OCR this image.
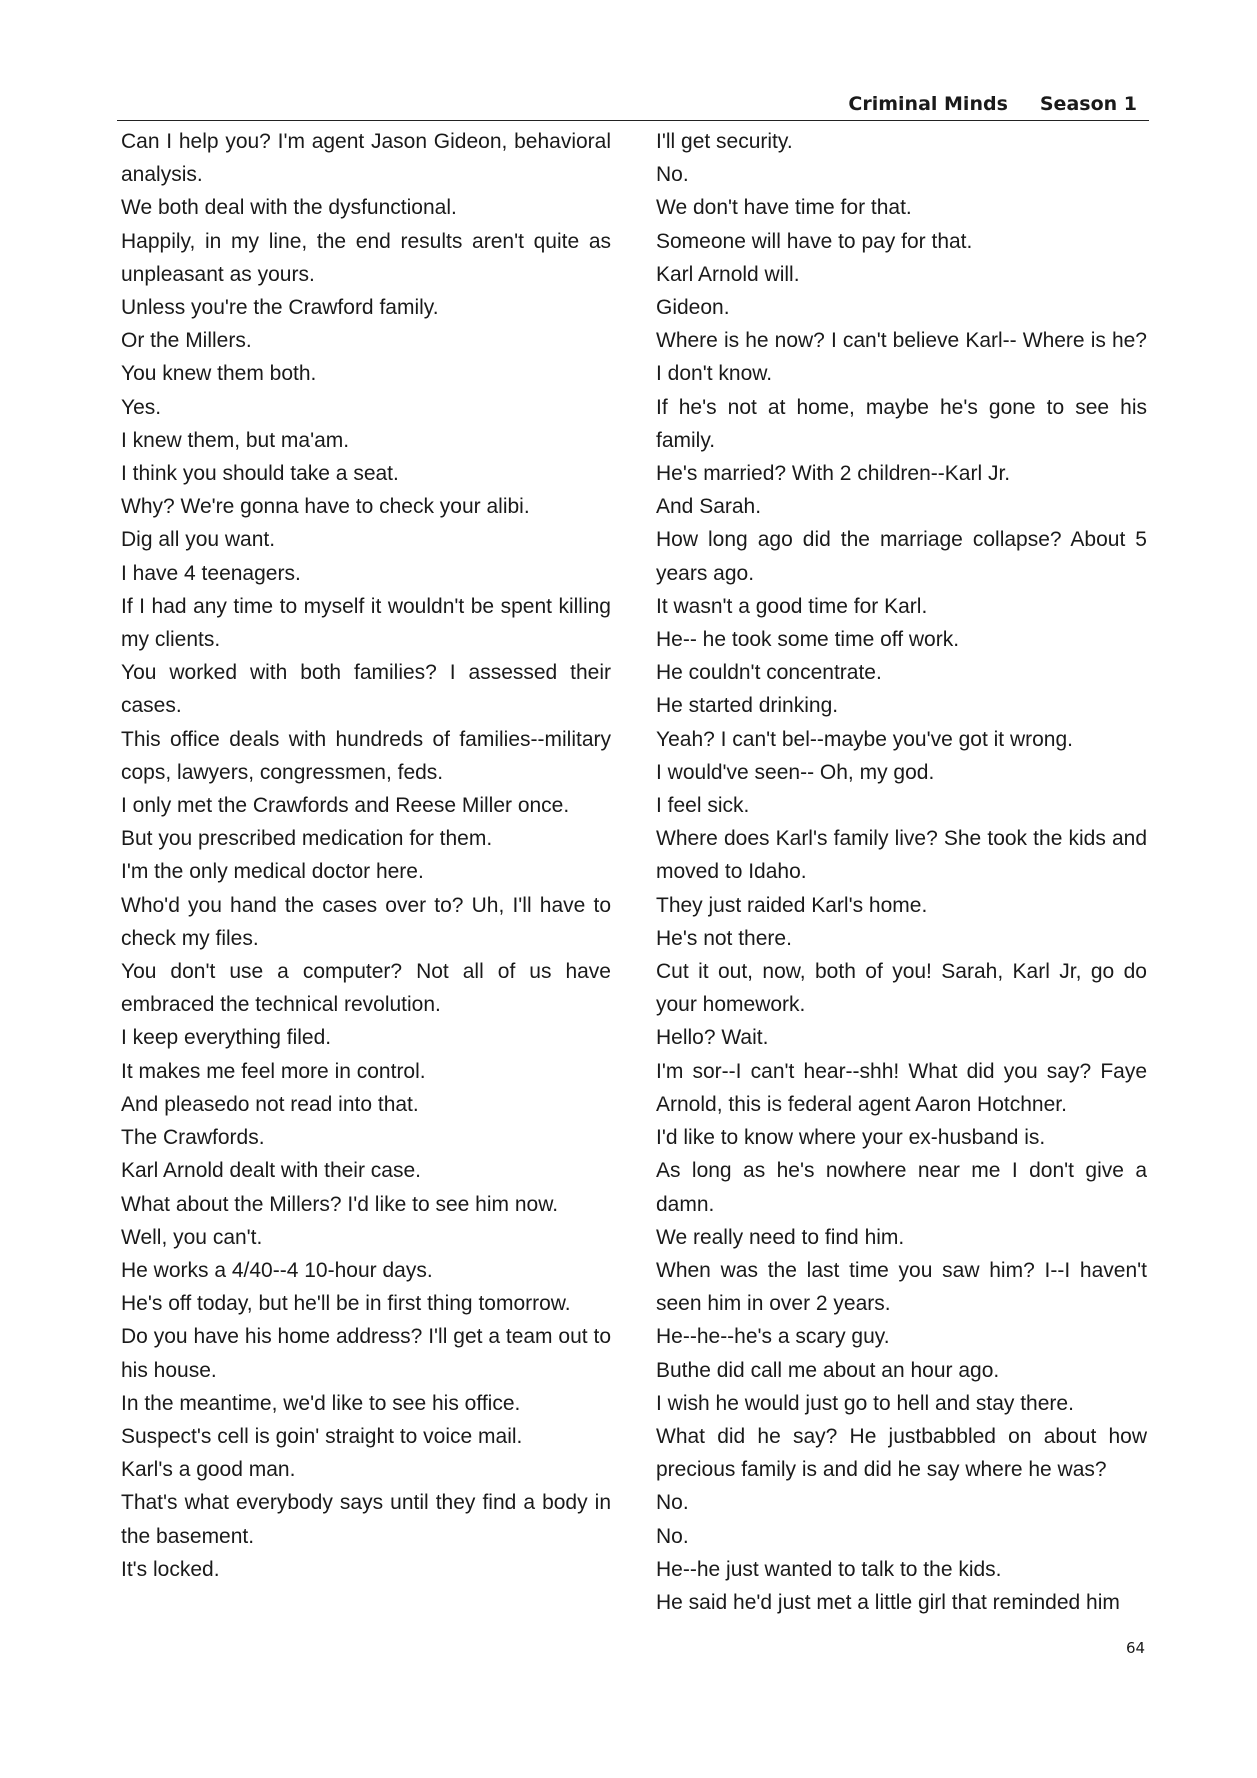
Criminal Minds Season 1
Can I help you? I'm agent Jason Gideon, behavioral analysis.
We both deal with the dysfunctional.
Happily, in my line, the end results aren't quite as unpleasant as yours.
Unless you're the Crawford family.
Or the Millers.
You knew them both.
Yes.
I knew them, but ma'am.
I think you should take a seat.
Why? We're gonna have to check your alibi.
Dig all you want.
I have 4 teenagers.
If I had any time to myself it wouldn't be spent killing my clients.
You worked with both families? I assessed their cases.
This office deals with hundreds of families--military cops, lawyers, congressmen, feds.
I only met the Crawfords and Reese Miller once.
But you prescribed medication for them.
I'm the only medical doctor here.
Who'd you hand the cases over to? Uh, I'll have to check my files.
You don't use a computer? Not all of us have embraced the technical revolution.
I keep everything filed.
It makes me feel more in control.
And pleasedo not read into that.
The Crawfords.
Karl Arnold dealt with their case.
What about the Millers? I'd like to see him now.
Well, you can't.
He works a 4/40--4 10-hour days.
He's off today, but he'll be in first thing tomorrow.
Do you have his home address? I'll get a team out to his house.
In the meantime, we'd like to see his office.
Suspect's cell is goin' straight to voice mail.
Karl's a good man.
That's what everybody says until they find a body in the basement.
It's locked.
I'll get security.
No.
We don't have time for that.
Someone will have to pay for that.
Karl Arnold will.
Gideon.
Where is he now? I can't believe Karl-- Where is he? I don't know.
If he's not at home, maybe he's gone to see his family.
He's married? With 2 children--Karl Jr.
And Sarah.
How long ago did the marriage collapse? About 5 years ago.
It wasn't a good time for Karl.
He-- he took some time off work.
He couldn't concentrate.
He started drinking.
Yeah? I can't bel--maybe you've got it wrong.
I would've seen-- Oh, my god.
I feel sick.
Where does Karl's family live? She took the kids and moved to Idaho.
They just raided Karl's home.
He's not there.
Cut it out, now, both of you! Sarah, Karl Jr, go do your homework.
Hello? Wait.
I'm sor--I can't hear--shh! What did you say? Faye Arnold, this is federal agent Aaron Hotchner.
I'd like to know where your ex-husband is.
As long as he's nowhere near me I don't give a damn.
We really need to find him.
When was the last time you saw him? I--I haven't seen him in over 2 years.
He--he--he's a scary guy.
Buthe did call me about an hour ago.
I wish he would just go to hell and stay there.
What did he say? He justbabbled on about how precious family is and did he say where he was?
No.
No.
He--he just wanted to talk to the kids.
He said he'd just met a little girl that reminded him
64
